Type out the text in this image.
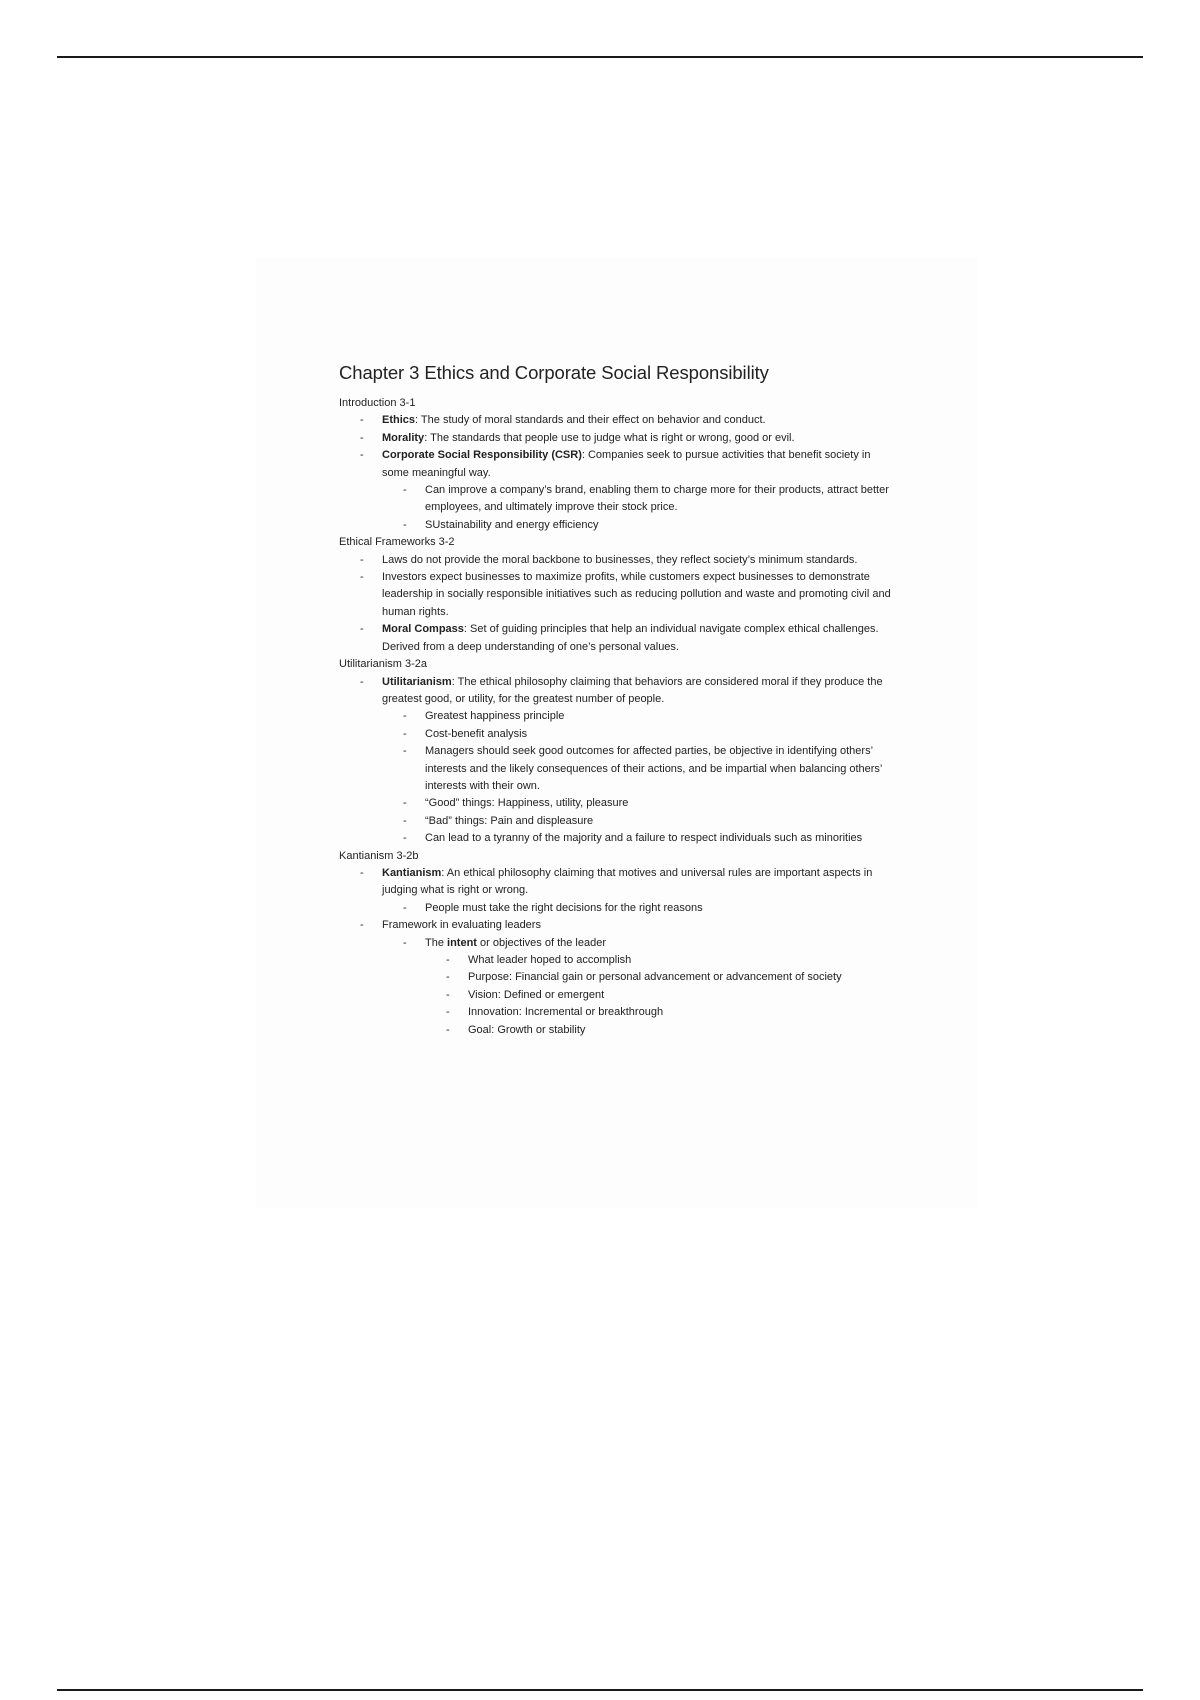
Chapter 3 Ethics and Corporate Social Responsibility
Introduction 3-1
- Ethics: The study of moral standards and their effect on behavior and conduct.
- Morality: The standards that people use to judge what is right or wrong, good or evil.
- Corporate Social Responsibility (CSR): Companies seek to pursue activities that benefit society in some meaningful way.
- Can improve a company’s brand, enabling them to charge more for their products, attract better employees, and ultimately improve their stock price.
- SUstainability and energy efficiency
Ethical Frameworks 3-2
- Laws do not provide the moral backbone to businesses, they reflect society’s minimum standards.
- Investors expect businesses to maximize profits, while customers expect businesses to demonstrate leadership in socially responsible initiatives such as reducing pollution and waste and promoting civil and human rights.
- Moral Compass: Set of guiding principles that help an individual navigate complex ethical challenges. Derived from a deep understanding of one’s personal values.
Utilitarianism 3-2a
- Utilitarianism: The ethical philosophy claiming that behaviors are considered moral if they produce the greatest good, or utility, for the greatest number of people.
- Greatest happiness principle
- Cost-benefit analysis
- Managers should seek good outcomes for affected parties, be objective in identifying others’ interests and the likely consequences of their actions, and be impartial when balancing others’ interests with their own.
- “Good” things: Happiness, utility, pleasure
- “Bad” things: Pain and displeasure
- Can lead to a tyranny of the majority and a failure to respect individuals such as minorities
Kantianism 3-2b
- Kantianism: An ethical philosophy claiming that motives and universal rules are important aspects in judging what is right or wrong.
- People must take the right decisions for the right reasons
- Framework in evaluating leaders
- The intent or objectives of the leader
- What leader hoped to accomplish
- Purpose: Financial gain or personal advancement or advancement of society
- Vision: Defined or emergent
- Innovation: Incremental or breakthrough
- Goal: Growth or stability
